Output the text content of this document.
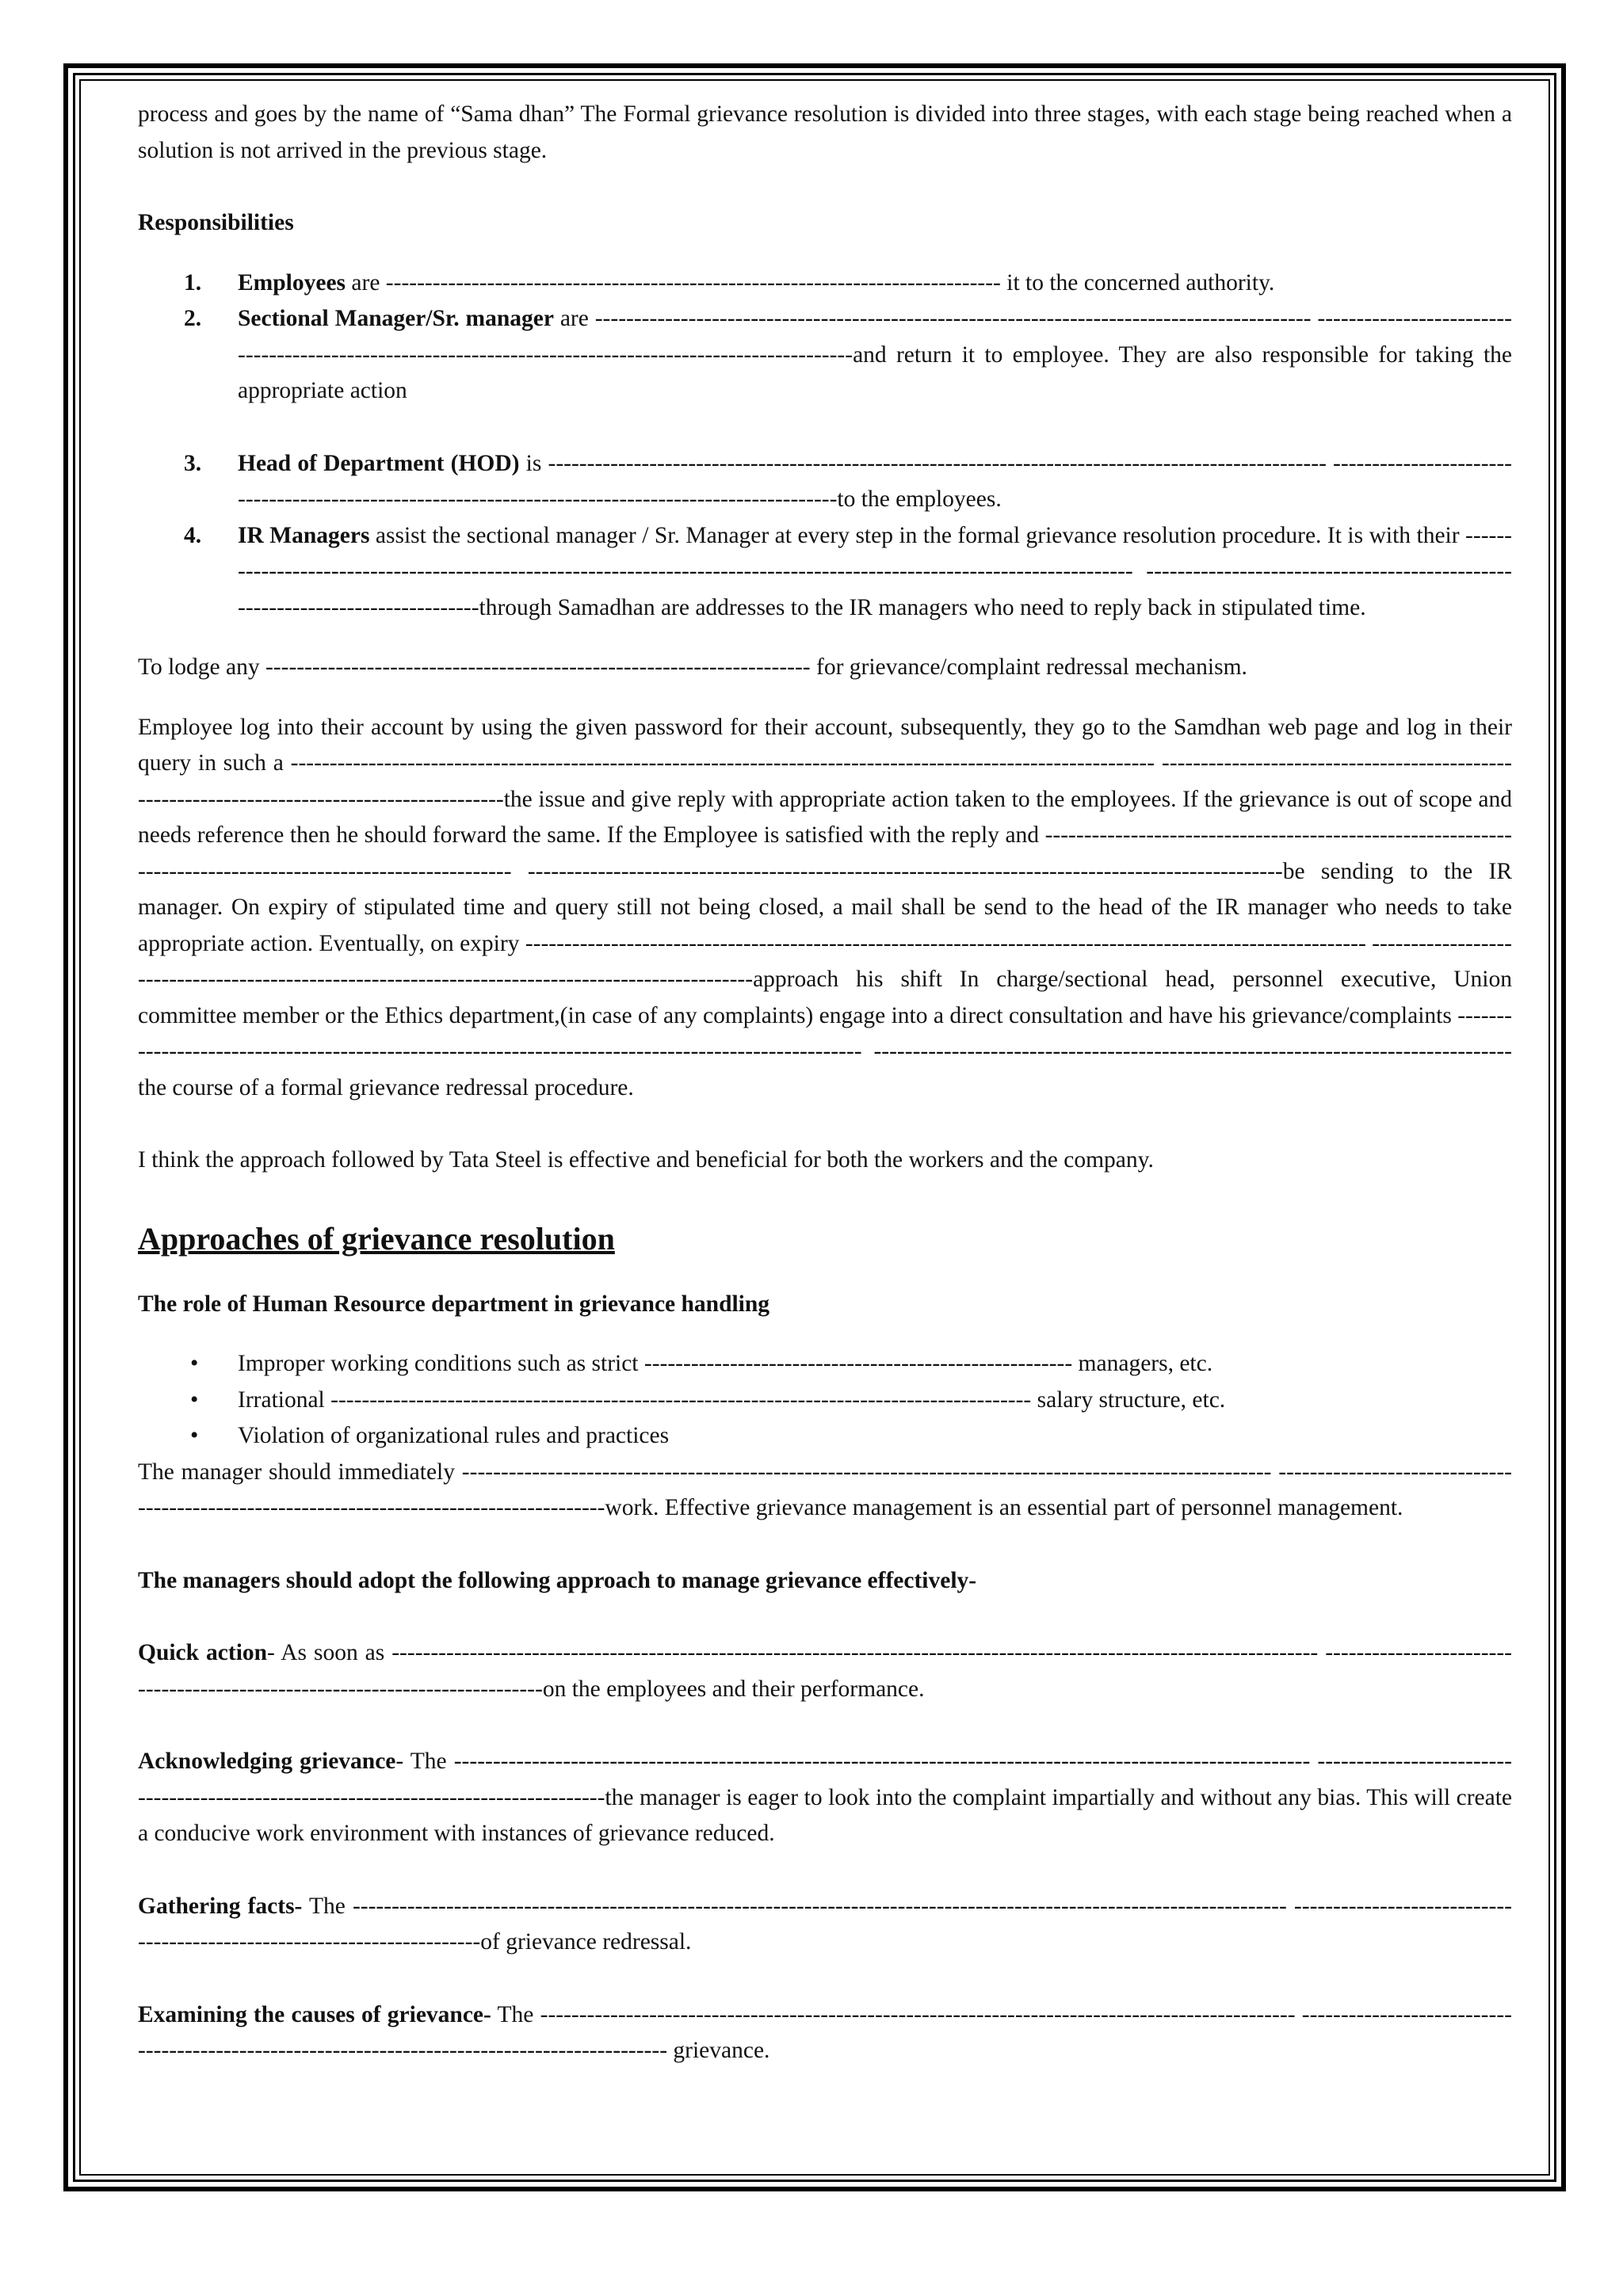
process and goes by the name of “Sama dhan” The Formal grievance resolution is divided into three stages, with each stage being reached when a solution is not arrived in the previous stage.

Responsibilities

1. Employees are ------------------------------------------------------------------------------- it to the concerned authority.
2. Sectional Manager/Sr. manager are -------------------------------------------------------------------------------------------- --------------------------------------------------------------------------------------------------------and return it to employee. They are also responsible for taking the appropriate action
3. Head of Department (HOD) is ---------------------------------------------------------------------------------------------------- ----------------------------------------------------------------------------------------------------to the employees.
4. IR Managers assist the sectional manager / Sr. Manager at every step in the formal grievance resolution procedure. It is with their ------------------------------------------------------------------------------------------------------------------------- ------------------------------------------------------------------------------through Samadhan are addresses to the IR managers who need to reply back in stipulated time.

To lodge any ---------------------------------------------------------------------- for grievance/complaint redressal mechanism.

Employee log into their account by using the given password for their account, subsequently, they go to the Samdhan web page and log in their query in such a --------------------------------------------------------------------------------------------------------------- --------------------------------------------------------------------------------------------the issue and give reply with appropriate action taken to the employees. If the grievance is out of scope and needs reference then he should forward the same. If the Employee is satisfied with the reply and ------------------------------------------------------------------------------------------------------------ -------------------------------------------------------------------------------------------------be sending to the IR manager. On expiry of stipulated time and query still not being closed, a mail shall be send to the head of the IR manager who needs to take appropriate action. Eventually, on expiry ------------------------------------------------------------------------------------------------------------ -------------------------------------------------------------------------------------------------approach his shift In charge/sectional head, personnel executive, Union committee member or the Ethics department,(in case of any complaints) engage into a direct consultation and have his grievance/complaints ---------------------------------------------------------------------------------------------------- ----------------------------------------------------------------------------------the course of a formal grievance redressal procedure.

I think the approach followed by Tata Steel is effective and beneficial for both the workers and the company.

Approaches of grievance resolution

The role of Human Resource department in grievance handling

• Improper working conditions such as strict ------------------------------------------------------- managers, etc.
• Irrational ------------------------------------------------------------------------------------------ salary structure, etc.
• Violation of organizational rules and practices

The manager should immediately -------------------------------------------------------------------------------------------------------- ------------------------------------------------------------------------------------------work. Effective grievance management is an essential part of personnel management.

The managers should adopt the following approach to manage grievance effectively-

Quick action- As soon as ----------------------------------------------------------------------------------------------------------------------- ----------------------------------------------------------------------------on the employees and their performance.

Acknowledging grievance- The -------------------------------------------------------------------------------------------------------------- -------------------------------------------------------------------------------------the manager is eager to look into the complaint impartially and without any bias. This will create a conducive work environment with instances of grievance reduced.

Gathering facts- The ------------------------------------------------------------------------------------------------------------------------ ------------------------------------------------------------------------of grievance redressal.

Examining the causes of grievance- The ------------------------------------------------------------------------------------------------- ----------------------------------------------------------------------------------------------- grievance.
